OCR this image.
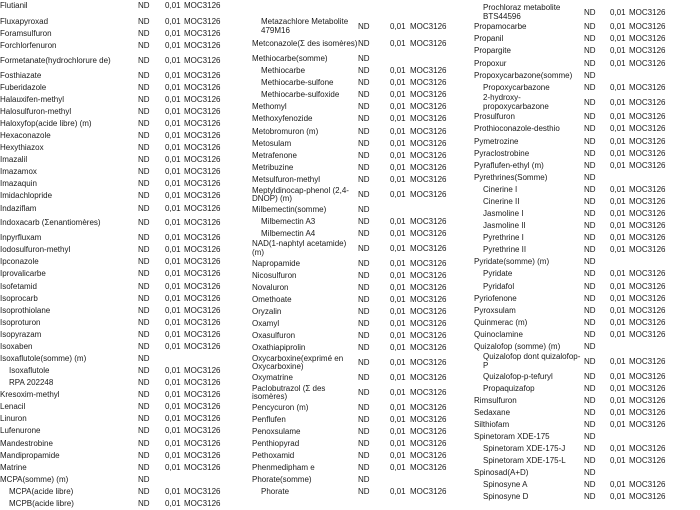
Flutianil	ND	0,01 MOC3126
Fluxapyroxad	ND	0,01 MOC3126
Foramsulfuron	ND	0,01 MOC3126
Forchlorfenuron	ND	0,01 MOC3126
Formetanate(hydrochlorure de)	ND	0,01 MOC3126
Fosthiazate	ND	0,01 MOC3126
Fuberidazole	ND	0,01 MOC3126
Halauxifen-methyl	ND	0,01 MOC3126
Halosulfuron-methyl	ND	0,01 MOC3126
Haloxyfop(acide libre) (m)	ND	0,01 MOC3126
Hexaconazole	ND	0,01 MOC3126
Hexythiazox	ND	0,01 MOC3126
Imazalil	ND	0,01 MOC3126
Imazamox	ND	0,01 MOC3126
Imazaquin	ND	0,01 MOC3126
Imidachlopride	ND	0,01 MOC3126
Indaziflam	ND	0,01 MOC3126
Indoxacarb (Σenantiomères)	ND	0,01 MOC3126
Inpyrfluxam	ND	0,01 MOC3126
Iodosulfuron-methyl	ND	0,01 MOC3126
Ipconazole	ND	0,01 MOC3126
Iprovalicarbe	ND	0,01 MOC3126
Isofetamid	ND	0,01 MOC3126
Isoprocarb	ND	0,01 MOC3126
Isoprothiolane	ND	0,01 MOC3126
Isoproturon	ND	0,01 MOC3126
Isopyrazam	ND	0,01 MOC3126
Isoxaben	ND	0,01 MOC3126
Isoxaflutole(somme) (m)	ND
Isoxaflutole	ND	0,01 MOC3126
RPA 202248	ND	0,01 MOC3126
Kresoxim-methyl	ND	0,01 MOC3126
Lenacil	ND	0,01 MOC3126
Linuron	ND	0,01 MOC3126
Lufenurone	ND	0,01 MOC3126
Mandestrobine	ND	0,01 MOC3126
Mandipropamide	ND	0,01 MOC3126
Matrine	ND	0,01 MOC3126
MCPA(somme) (m)	ND
MCPA(acide libre)	ND	0,01 MOC3126
MCPB(acide libre)	ND	0,01 MOC3126
Metazachlore Metabolite 479M16	ND	0,01 MOC3126
Metconazole(Σ des isomères) ND	0,01 MOC3126
Methiocarbe(somme)	ND
Methiocarbe	ND	0,01 MOC3126
Methiocarbe-sulfone	ND	0,01 MOC3126
Methiocarbe-sulfoxide	ND	0,01 MOC3126
Methomyl	ND	0,01 MOC3126
Methoxyfenozide	ND	0,01 MOC3126
Metobromuron (m)	ND	0,01 MOC3126
Metosulam	ND	0,01 MOC3126
Metrafenone	ND	0,01 MOC3126
Metribuzine	ND	0,01 MOC3126
Metsulfuron-methyl	ND	0,01 MOC3126
Meptyldinocap-phenol (2,4-DNOP) (m)	ND	0,01 MOC3126
Milbemectin(somme)	ND
Milbemectin A3	ND	0,01 MOC3126
Milbemectin A4	ND	0,01 MOC3126
NAD(1-naphtyl acetamide) (m)	ND	0,01 MOC3126
Napropamide	ND	0,01 MOC3126
Nicosulfuron	ND	0,01 MOC3126
Novaluron	ND	0,01 MOC3126
Omethoate	ND	0,01 MOC3126
Oryzalin	ND	0,01 MOC3126
Oxamyl	ND	0,01 MOC3126
Oxasulfuron	ND	0,01 MOC3126
Oxathiapiprolin	ND	0,01 MOC3126
Oxycarboxine(exprimé en Oxycarboxine)	ND	0,01 MOC3126
Oxymatrine	ND	0,01 MOC3126
Paclobutrazol (Σ des isomères)	ND	0,01 MOC3126
Pencycuron (m)	ND	0,01 MOC3126
Penflufen	ND	0,01 MOC3126
Penoxsulame	ND	0,01 MOC3126
Penthiopyrad	ND	0,01 MOC3126
Pethoxamid	ND	0,01 MOC3126
Phenmedipham e	ND	0,01 MOC3126
Phorate(somme)	ND
Phorate	ND	0,01 MOC3126
Prochloraz metabolite BTS44596	ND	0,01 MOC3126
Propamocarbe	ND	0,01 MOC3126
Propanil	ND	0,01 MOC3126
Propargite	ND	0,01 MOC3126
Propoxur	ND	0,01 MOC3126
Propoxycarbazone(somme)	ND
Propoxycarbazone	ND	0,01 MOC3126
2-hydroxy-propoxycarbazone	ND	0,01 MOC3126
Prosulfuron	ND	0,01 MOC3126
Prothioconazole-desthio	ND	0,01 MOC3126
Pymetrozine	ND	0,01 MOC3126
Pyraclostrobine	ND	0,01 MOC3126
Pyraflufen-ethyl (m)	ND	0,01 MOC3126
Pyrethrines(Somme)	ND
Cinerine I	ND	0,01 MOC3126
Cinerine II	ND	0,01 MOC3126
Jasmoline I	ND	0,01 MOC3126
Jasmoline II	ND	0,01 MOC3126
Pyrethrine I	ND	0,01 MOC3126
Pyrethrine II	ND	0,01 MOC3126
Pyridate(somme) (m)	ND
Pyridate	ND	0,01 MOC3126
Pyridafol	ND	0,01 MOC3126
Pyriofenone	ND	0,01 MOC3126
Pyroxsulam	ND	0,01 MOC3126
Quinmerac (m)	ND	0,01 MOC3126
Quinoclamine	ND	0,01 MOC3126
Quizalofop (somme) (m)	ND
Quizalofop dont quizalofop-P	ND	0,01 MOC3126
Quizalofop-p-tefuryl	ND	0,01 MOC3126
Propaquizafop	ND	0,01 MOC3126
Rimsulfuron	ND	0,01 MOC3126
Sedaxane	ND	0,01 MOC3126
Silthiofam	ND	0,01 MOC3126
Spinetoram XDE-175	ND
Spinetoram XDE-175-J	ND	0,01 MOC3126
Spinetoram XDE-175-L	ND	0,01 MOC3126
Spinosad(A+D)	ND
Spinosyne A	ND	0,01 MOC3126
Spinosyne D	ND	0,01 MOC3126
